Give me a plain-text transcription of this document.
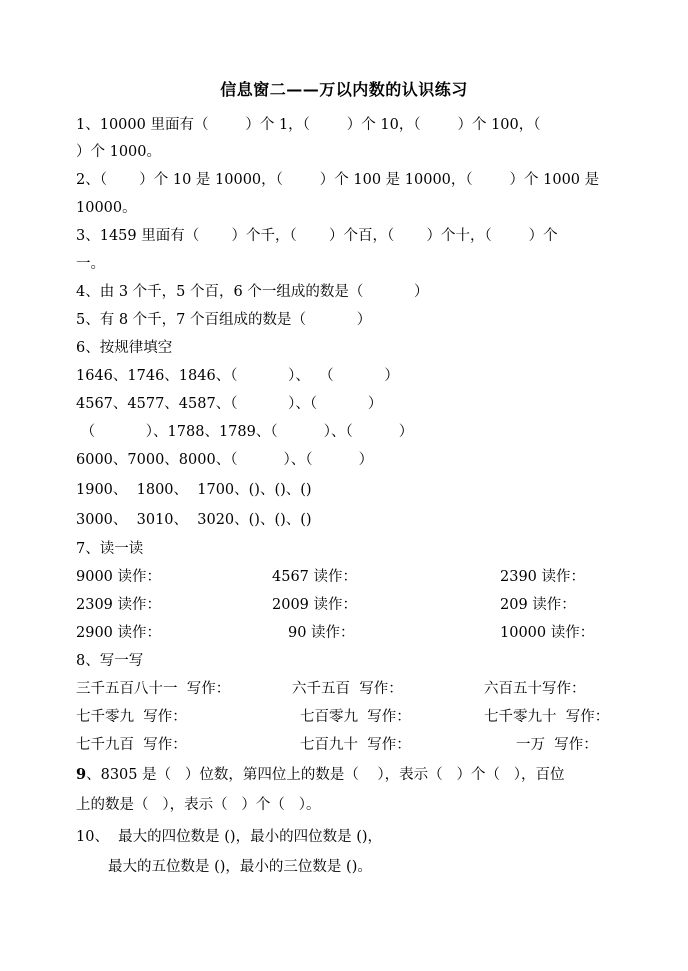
信息窗二——万以内数的认识练习
1、10000 里面有（        ）个 1，（        ）个 10，（        ）个 100，（
）个 1000。
2、（       ）个 10 是 10000，（        ）个 100 是 10000，（        ）个 1000 是
10000。
3、1459 里面有（       ）个千，（       ）个百，（       ）个十，（        ）个
一。
4、由 3 个千，5 个百，6 个一组成的数是（           ）
5、有 8 个千，7 个百组成的数是（           ）
6、按规律填空
1646、1746、1846、（           ）、  （           ）
4567、4577、4587、（           ）、（           ）
（           ）、1788、1789、（          ）、（          ）
6000、7000、8000、（          ）、（          ）
1900、  1800、  1700、()、()、()
3000、  3010、  3020、()、()、()
7、读一读
9000 读作：	4567 读作：	2390 读作：
2309 读作：	2009 读作：	209 读作：
2900 读作：	90 读作：	10000 读作：
8、写一写
三千五百八十一  写作：	六千五百  写作：	六百五十写作：
七千零九  写作：	七百零九  写作：	七千零九十  写作：
七千九百  写作：	七百九十  写作：	一万  写作：
9、8305 是（   ）位数，第四位上的数是（    ），表示（   ）个（   ），百位
上的数是（   ），表示（   ）个（   ）。
10、  最大的四位数是 ()，最小的四位数是 ()，
最大的五位数是 ()，最小的三位数是 ()。
